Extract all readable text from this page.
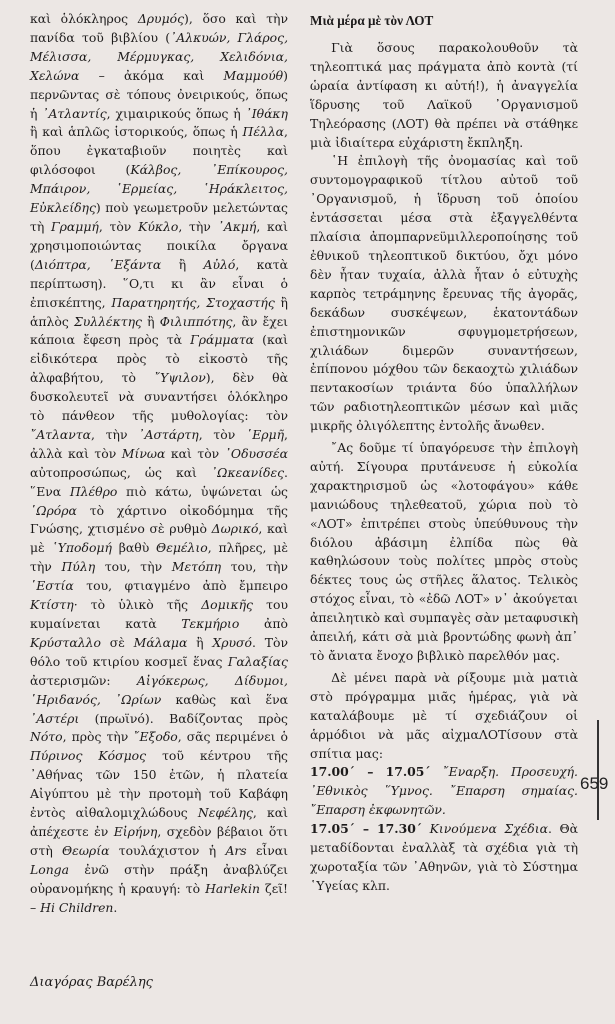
καὶ ὁλόκληρος Δρυμός), ὅσο καὶ τὴν πανίδα τοῦ βιβλίου (᾿Αλκυών, Γλάρος, Μέλισσα, Μέρμυγκας, Χελιδόνια, Χελώνα – ἀκόμα καὶ Μαμμούθ) περνῶντας σὲ τόπους ὀνειρικούς, ὅπως ἡ ᾿Ατλαντίς, χιμαιρικούς ὅπως ἡ ᾿Ιθάκη ἢ καὶ ἁπλῶς ἱστορικούς, ὅπως ἡ Πέλλα, ὅπου ἐγκαταβιοῦν ποιητὲς καὶ φιλόσοφοι (Κάλβος, ᾿Επίκουρος, Μπάιρον, ῾Ερμείας, ῾Ηράκλειτος, Εὐκλείδης) ποὺ γεωμετροῦν μελετώντας τὴ Γραμμή, τὸν Κύκλο, τὴν ᾿Ακμή, καὶ χρησιμοποιώντας ποικίλα ὄργανα (Διόπτρα, ῾Εξάντα ἢ Αὐλό, κατὰ περίπτωση). ῞Ο,τι κι ἂν εἶναι ὁ ἐπισκέπτης, Παρατηρητής, Στοχαστής ἢ ἁπλὸς Συλλέκτης ἢ Φιλιππότης, ἂν ἔχει κάποια ἔφεση πρὸς τὰ Γράμματα (καὶ εἰδικότερα πρὸς τὸ εἰκοστὸ τῆς ἀλφαβήτου, τὸ ῎Υψιλον), δὲν θὰ δυσκολευτεῖ νὰ συναντήσει ὁλόκληρο τὸ πάνθεον τῆς μυθολογίας: τὸν ῎Ατλαντα, τὴν ᾿Αστάρτη, τὸν ῾Ερμῆ, ἀλλὰ καὶ τὸν Μίνωα καὶ τὸν ᾿Οδυσσέα αὐτοπροσώπως, ὡς καὶ ᾿Ωκεανίδες. ῞Ενα Πλέθρο πιὸ κάτω, ὑψώνεται ὡς ῾Ωρόρα τὸ χάρτινο οἰκοδόμημα τῆς Γνώσης, χτισμένο σὲ ρυθμὸ Δωρικό, καὶ μὲ ῾Υποδομή βαθὺ Θεμέλιο, πλῆρες, μὲ τὴν Πύλη του, τὴν Μετόπη του, τὴν ῾Εστία του, φτιαγμένο ἀπὸ ἔμπειρο Κτίστη· τὸ ὑλικὸ τῆς Δομικῆς του κυμαίνεται κατὰ Τεκμήριο ἀπὸ Κρύσταλλο σὲ Μάλαμα ἢ Χρυσό. Τὸν θόλο τοῦ κτιρίου κοσμεῖ ἕνας Γαλαξίας ἀστερισμῶν: Αἰγόκερως, Δίδυμοι, ῾Ηριδανός, ᾿Ωρίων καθὼς καὶ ἕνα ᾿Αστέρι (πρωϊνό). Βαδίζοντας πρὸς Νότο, πρὸς τὴν ῎Εξοδο, σᾶς περιμένει ὁ Πύρινος Κόσμος τοῦ κέντρου τῆς ᾿Αθήνας τῶν 150 ἐτῶν, ἡ πλατεία Αἰγύπτου μὲ τὴν προτομὴ τοῦ Καβάφη ἐντὸς αἰθαλομιχλώδους Νεφέλης, καὶ ἀπέχεστε ἐν Εἰρήνη, σχεδὸν βέβαιοι ὅτι στὴ Θεωρία τουλάχιστον ἡ Ars εἶναι Longa ἐνῶ στὴν πράξη ἀναβλύζει οὐρανομήκης ἡ κραυγή: τὸ Harlekin ζεῖ! – Hi Children.

Διαγόρας Βαρέλης
Μιὰ μέρα μὲ τὸν ΛΟΤ

Γιὰ ὅσους παρακολουθοῦν τὰ τηλεοπτικά μας πράγματα ἀπὸ κοντὰ (τί ὡραία ἀντίφαση κι αὐτή!), ἡ ἀναγγελία ἵδρυσης τοῦ Λαϊκοῦ ᾿Οργανισμοῦ Τηλεόρασης (ΛΟΤ) θὰ πρέπει νὰ στάθηκε μιὰ ἰδιαίτερα εὐχάριστη ἔκπληξη.

῾Η ἐπιλογὴ τῆς ὀνομασίας καὶ τοῦ συντομογραφικοῦ τίτλου αὐτοῦ τοῦ ᾿Οργανισμοῦ, ἡ ἵδρυση τοῦ ὁποίου ἐντάσσεται μέσα στὰ ἐξαγγελθέντα πλαίσια ἀπομπαρνεϋμιλλεροποίησης τοῦ ἐθνικοῦ τηλεοπτικοῦ δικτύου, ὄχι μόνο δὲν ἦταν τυχαία, ἀλλὰ ἦταν ὁ εὐτυχὴς καρπὸς τετράμηνης ἔρευνας τῆς ἀγορᾶς, δεκάδων συσκέψεων, ἑκατοντάδων ἐπιστημονικῶν σφυγμομετρήσεων, χιλιάδων διμερῶν συναντήσεων, ἐπίπονου μόχθου τῶν δεκαοχτὼ χιλιάδων πεντακοσίων τριάντα δύο ὑπαλλήλων τῶν ραδιοτηλεοπτικῶν μέσων καὶ μιᾶς μικρῆς ὀλιγόλεπτης ἐντολῆς ἄνωθεν.

῎Ας δοῦμε τί ὑπαγόρευσε τὴν ἐπιλογὴ αὐτή. Σίγουρα πρυτάνευσε ἡ εὐκολία χαρακτηρισμοῦ ὡς «λοτοφάγου» κάθε μανιώδους τηλεθεατοῦ, χώρια ποὺ τὸ «ΛΟΤ» ἐπιτρέπει στοὺς ὑπεύθυνους τὴν διόλου ἀβάσιμη ἐλπίδα πὼς θὰ καθηλώσουν τοὺς πολίτες μπρὸς στοὺς δέκτες τους ὡς στῆλες ἅλατος. Τελικὸς στόχος εἶναι, τὸ «ἐδῶ ΛΟΤ» ν᾿ ἀκούγεται ἀπειλητικὸ καὶ συμπαγὲς σὰν μεταφυσικὴ ἀπειλή, κάτι σὰ μιὰ βροντώδης φωνὴ ἀπ᾿ τὸ ἄνιατα ἔνοχο βιβλικὸ παρελθόν μας.

Δὲ μένει παρὰ νὰ ρίξουμε μιὰ ματιὰ στὸ πρόγραμμα μιᾶς ἡμέρας, γιὰ νὰ καταλάβουμε μὲ τί σχεδιάζουν οἱ ἁρμόδιοι νὰ μᾶς αἰχμαΛΟΤίσουν στὰ σπίτια μας:

17.00΄ – 17.05΄ ῎Εναρξη. Προσευχή. ᾿Εθνικὸς ῞Υμνος. ῎Επαρση σημαίας. ῎Επαρση ἐκφωνητῶν.

17.05΄ – 17.30΄ Κινούμενα Σχέδια. Θὰ μεταδίδονται ἐναλλὰξ τὰ σχέδια γιὰ τὴ χωροταξία τῶν ᾿Αθηνῶν, γιὰ τὸ Σύστημα ῾Υγείας κλπ.

659
